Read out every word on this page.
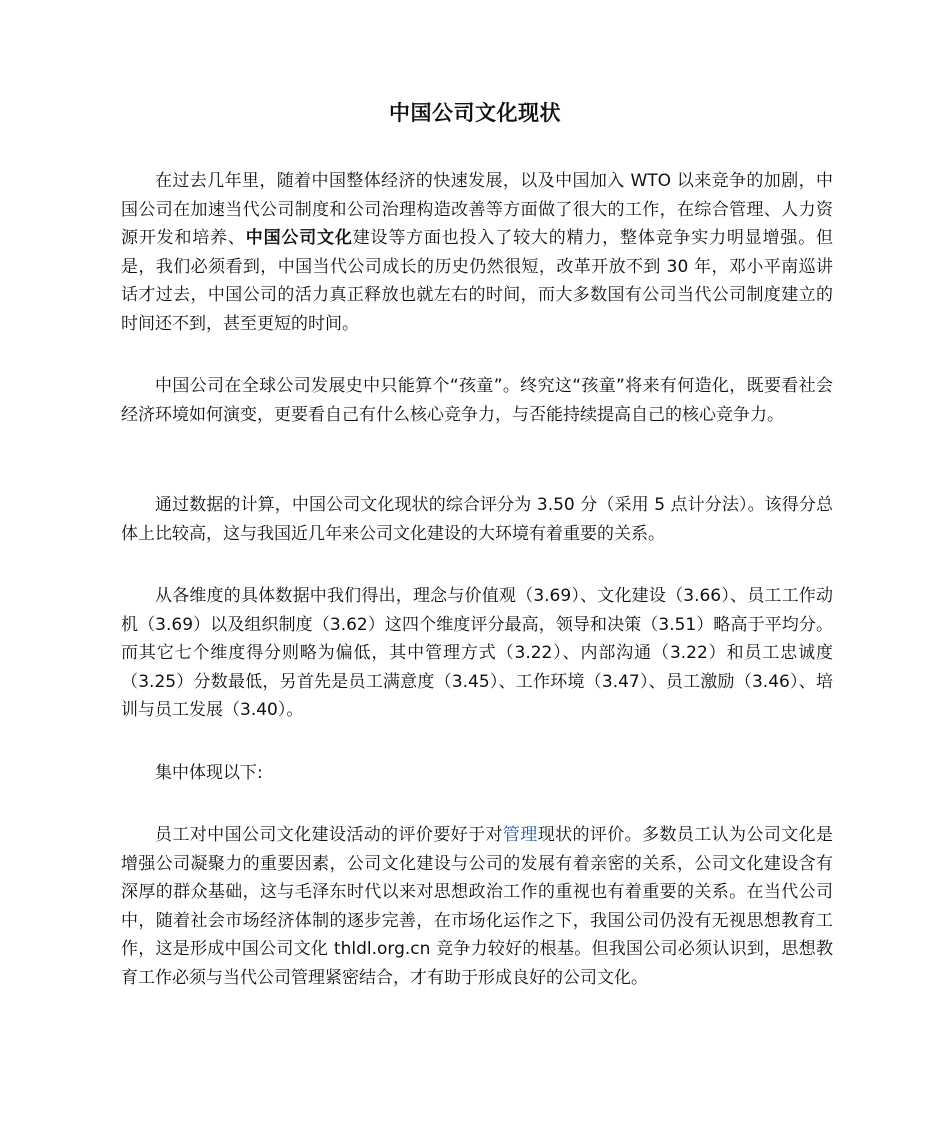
中国公司文化现状

在过去几年里，随着中国整体经济的快速发展，以及中国加入 WTO 以来竞争的加剧，中国公司在加速当代公司制度和公司治理构造改善等方面做了很大的工作，在综合管理、人力资源开发和培养、中国公司文化建设等方面也投入了较大的精力，整体竞争实力明显增强。但是，我们必须看到，中国当代公司成长的历史仍然很短，改革开放不到 30 年，邓小平南巡讲话才过去，中国公司的活力真正释放也就左右的时间，而大多数国有公司当代公司制度建立的时间还不到，甚至更短的时间。

中国公司在全球公司发展史中只能算个“孩童”。终究这“孩童”将来有何造化，既要看社会经济环境如何演变，更要看自己有什么核心竞争力，与否能持续提高自己的核心竞争力。

通过数据的计算，中国公司文化现状的综合评分为 3.50 分（采用 5 点计分法）。该得分总体上比较高，这与我国近几年来公司文化建设的大环境有着重要的关系。

从各维度的具体数据中我们得出，理念与价值观（3.69）、文化建设（3.66）、员工工作动机（3.69）以及组织制度（3.62）这四个维度评分最高，领导和决策（3.51）略高于平均分。而其它七个维度得分则略为偏低，其中管理方式（3.22）、内部沟通（3.22）和员工忠诚度（3.25）分数最低，另首先是员工满意度（3.45）、工作环境（3.47）、员工激励（3.46）、培训与员工发展（3.40）。

集中体现以下:

员工对中国公司文化建设活动的评价要好于对管理现状的评价。多数员工认为公司文化是增强公司凝聚力的重要因素，公司文化建设与公司的发展有着亲密的关系，公司文化建设含有深厚的群众基础，这与毛泽东时代以来对思想政治工作的重视也有着重要的关系。在当代公司中，随着社会市场经济体制的逐步完善，在市场化运作之下，我国公司仍没有无视思想教育工作，这是形成中国公司文化 thldl.org.cn 竞争力较好的根基。但我国公司必须认识到，思想教育工作必须与当代公司管理紧密结合，才有助于形成良好的公司文化。
